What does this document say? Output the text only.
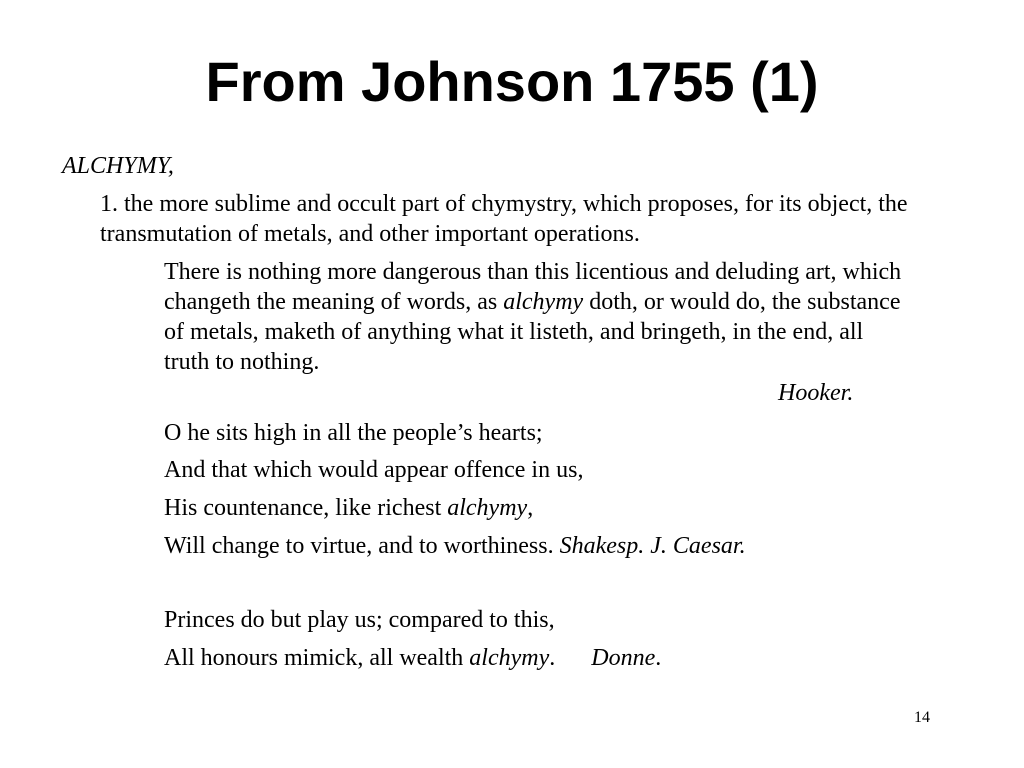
From Johnson 1755 (1)
ALCHYMY,
1. the more sublime and occult part of chymystry, which proposes, for its object, the transmutation of metals, and other important operations.
There is nothing more dangerous than this licentious and deluding art, which changeth the meaning of words, as alchymy doth, or would do, the substance of metals, maketh of anything what it listeth, and bringeth, in the end, all truth to nothing.
Hooker.
O he sits high in all the people’s hearts;
And that which would appear offence in us,
His countenance, like richest alchymy,
Will change to virtue, and to worthiness. Shakesp. J. Caesar.
Princes do but play us; compared to this,
All honours mimick, all wealth alchymy.      Donne.
14
